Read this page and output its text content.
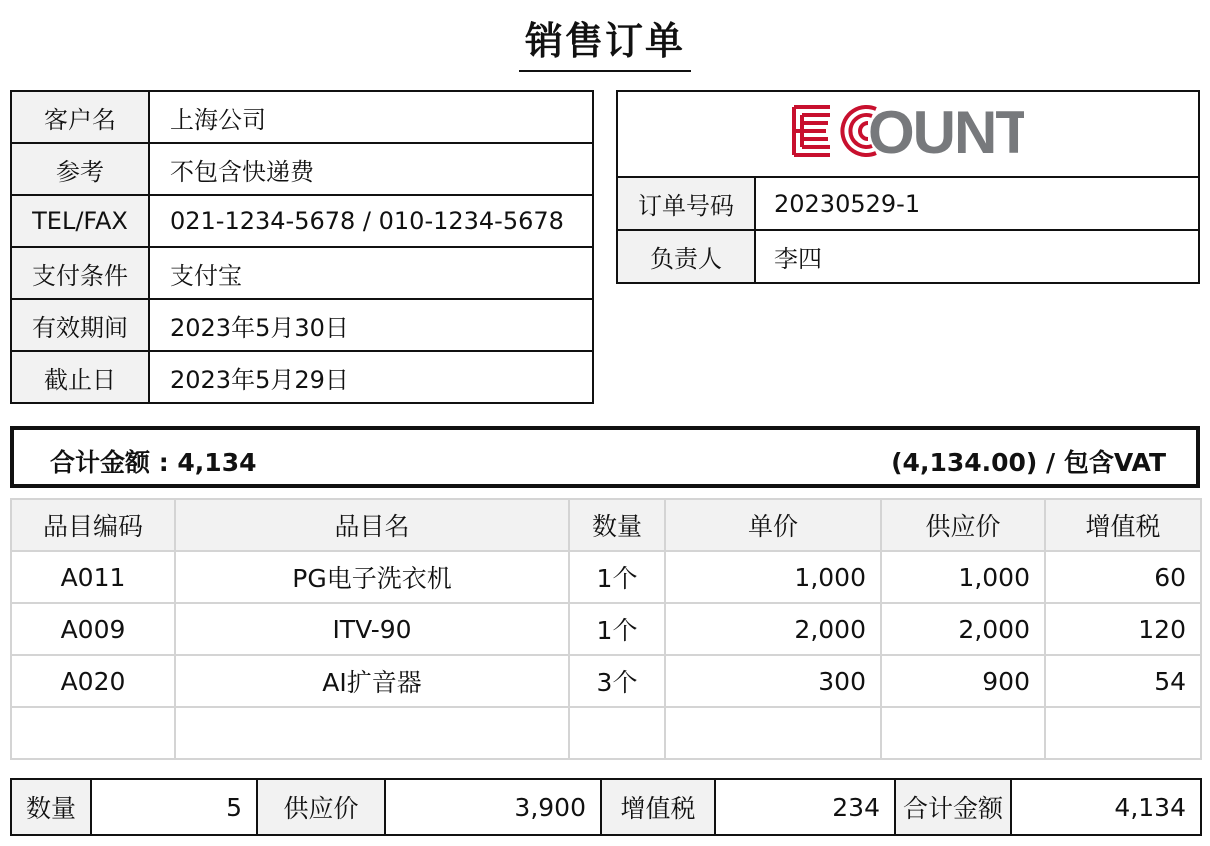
销售订单
客户名	上海公司
参考	不包含快递费
TEL/FAX	021-1234-5678 / 010-1234-5678
支付条件	支付宝
有效期间	2023年5月30日
截止日	2023年5月29日
OUNT	

订单号码	20230529-1
负责人	李四
合计金额 : 4,134	(4,134.00) / 包含VAT
品目编码	品目名	数量	单价	供应价	增值税
A011	PG电子洗衣机	1个	1,000	1,000	60
A009	ITV-90	1个	2,000	2,000	120
A020	AI扩音器	3个	300	900	54

数量	5	供应价	3,900	增值税	234	合计金额	4,134
